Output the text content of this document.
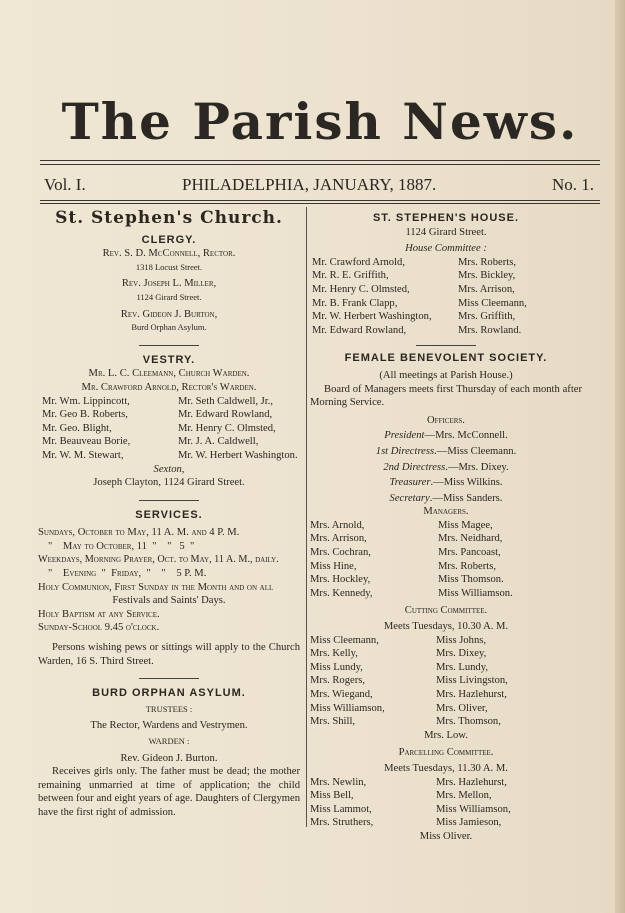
The Parish News.
Vol. I.	PHILADELPHIA, JANUARY, 1887.	No. 1.
St. Stephen's Church.
CLERGY.
Rev. S. D. McConnell, Rector.
1318 Locust Street.
Rev. Joseph L. Miller,
1124 Girard Street.
Rev. Gideon J. Burton,
Burd Orphan Asylum.
VESTRY.
Mr. L. C. Cleemann, Church Warden.
Mr. Crawford Arnold, Rector's Warden.
Mr. Wm. Lippincott,	Mr. Seth Caldwell, Jr.,
Mr. Geo B. Roberts,	Mr. Edward Rowland,
Mr. Geo. Blight,	Mr. Henry C. Olmsted,
Mr. Beauveau Borie,	Mr. J. A. Caldwell,
Mr. W. M. Stewart,	Mr. W. Herbert Washington.
Sexton,
Joseph Clayton, 1124 Girard Street.
SERVICES.
Sundays, October to May, 11 A. M. and 4 P. M.
"    May to October, 11  "    "   5  "
Weekdays, Morning Prayer, Oct. to May, 11 A. M., daily.
"    Evening  "  Friday,  "    "    5 P. M.
Holy Communion, First Sunday in the Month and on all
Festivals and Saints' Days.
Holy Baptism at any Service.
Sunday-School 9.45 o'clock.
Persons wishing pews or sittings will apply to the Church Warden, 16 S. Third Street.
BURD ORPHAN ASYLUM.
TRUSTEES :
The Rector, Wardens and Vestrymen.
WARDEN :
Rev. Gideon J. Burton.
Receives girls only. The father must be dead; the mother remaining unmarried at time of application; the child between four and eight years of age. Daughters of Clergymen have the first right of admission.
ST. STEPHEN'S HOUSE.
1124 Girard Street.
House Committee :
Mr. Crawford Arnold,	Mrs. Roberts,
Mr. R. E. Griffith,	Mrs. Bickley,
Mr. Henry C. Olmsted,	Mrs. Arrison,
Mr. B. Frank Clapp,	Miss Cleemann,
Mr. W. Herbert Washington, Mrs. Griffith,
Mr. Edward Rowland,	Mrs. Rowland.
FEMALE BENEVOLENT SOCIETY.
(All meetings at Parish House.)
Board of Managers meets first Thursday of each month after Morning Service.
Officers.
President—Mrs. McConnell.
1st Directress.—Miss Cleemann.
2nd Directress.—Mrs. Dixey.
Treasurer.—Miss Wilkins.
Secretary.—Miss Sanders.
Managers.
Mrs. Arnold,	Miss Magee,
Mrs. Arrison,	Mrs. Neidhard,
Mrs. Cochran,	Mrs. Pancoast,
Miss Hine,	Mrs. Roberts,
Mrs. Hockley,	Miss Thomson.
Mrs. Kennedy,	Miss Williamson.
Cutting Committee.
Meets Tuesdays, 10.30 A. M.
Miss Cleemann,	Miss Johns,
Mrs. Kelly,	Mrs. Dixey,
Miss Lundy,	Mrs. Lundy,
Mrs. Rogers,	Miss Livingston,
Mrs. Wiegand,	Mrs. Hazlehurst,
Miss Williamson,	Mrs. Oliver,
Mrs. Shill,	Mrs. Thomson,
Mrs. Low.
Parcelling Committee.
Meets Tuesdays, 11.30 A. M.
Mrs. Newlin,	Mrs. Hazlehurst,
Miss Bell,	Mrs. Mellon,
Miss Lammot,	Miss Williamson,
Mrs. Struthers,	Miss Jamieson,
Miss Oliver.
